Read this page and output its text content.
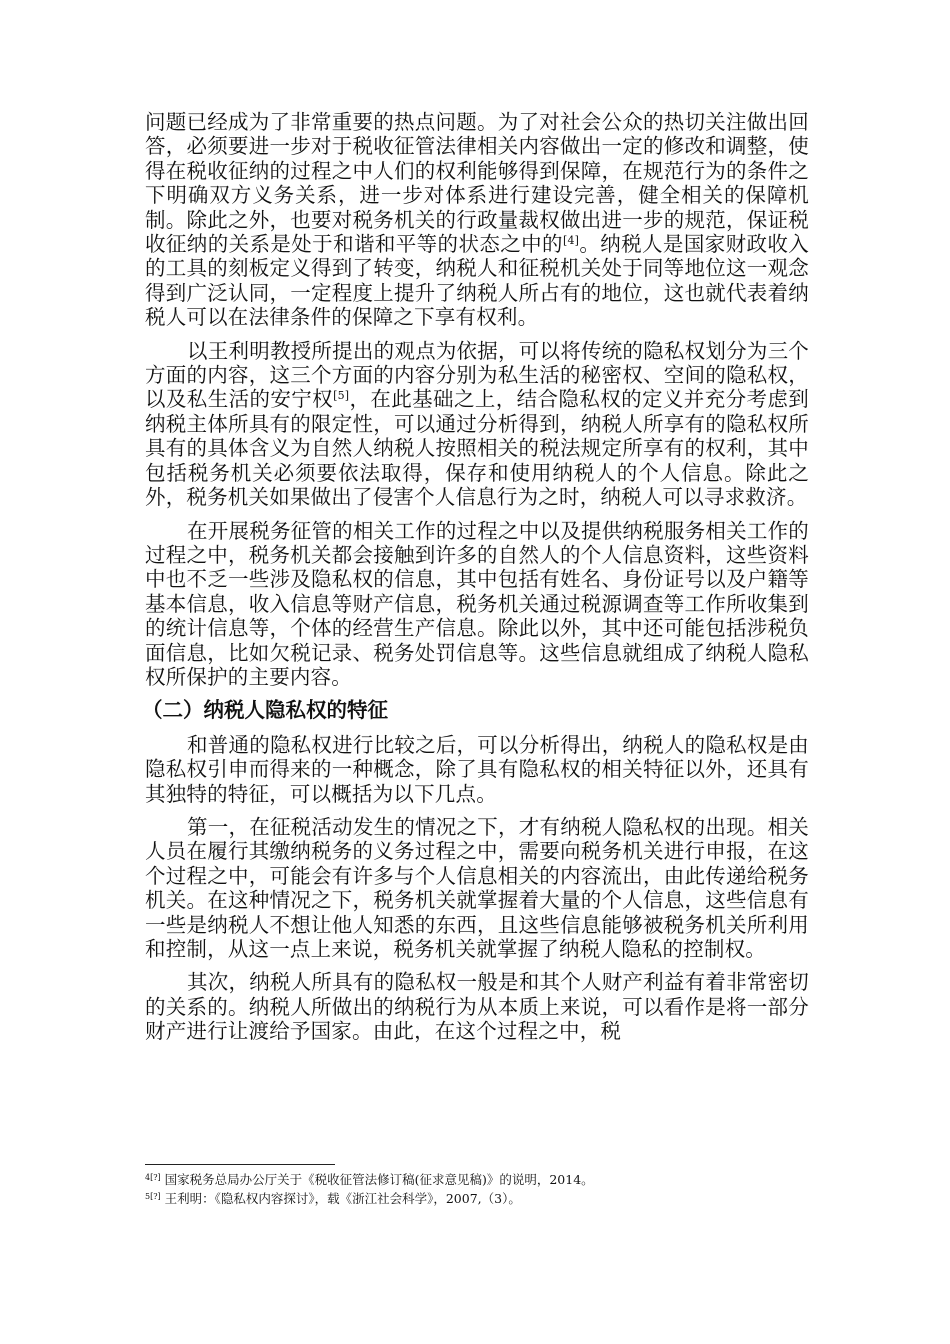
问题已经成为了非常重要的热点问题。为了对社会公众的热切关注做出回答，必须要进一步对于税收征管法律相关内容做出一定的修改和调整，使得在税收征纳的过程之中人们的权利能够得到保障，在规范行为的条件之下明确双方义务关系，进一步对体系进行建设完善，健全相关的保障机制。除此之外，也要对税务机关的行政量裁权做出进一步的规范，保证税收征纳的关系是处于和谐和平等的状态之中的[4]。纳税人是国家财政收入的工具的刻板定义得到了转变，纳税人和征税机关处于同等地位这一观念得到广泛认同，一定程度上提升了纳税人所占有的地位，这也就代表着纳税人可以在法律条件的保障之下享有权利。

以王利明教授所提出的观点为依据，可以将传统的隐私权划分为三个方面的内容，这三个方面的内容分别为私生活的秘密权、空间的隐私权，以及私生活的安宁权[5]，在此基础之上，结合隐私权的定义并充分考虑到纳税主体所具有的限定性，可以通过分析得到，纳税人所享有的隐私权所具有的具体含义为自然人纳税人按照相关的税法规定所享有的权利，其中包括税务机关必须要依法取得，保存和使用纳税人的个人信息。除此之外，税务机关如果做出了侵害个人信息行为之时，纳税人可以寻求救济。

在开展税务征管的相关工作的过程之中以及提供纳税服务相关工作的过程之中，税务机关都会接触到许多的自然人的个人信息资料，这些资料中也不乏一些涉及隐私权的信息，其中包括有姓名、身份证号以及户籍等基本信息，收入信息等财产信息，税务机关通过税源调查等工作所收集到的统计信息等，个体的经营生产信息。除此以外，其中还可能包括涉税负面信息，比如欠税记录、税务处罚信息等。这些信息就组成了纳税人隐私权所保护的主要内容。

（二）纳税人隐私权的特征

和普通的隐私权进行比较之后，可以分析得出，纳税人的隐私权是由隐私权引申而得来的一种概念，除了具有隐私权的相关特征以外，还具有其独特的特征，可以概括为以下几点。

第一，在征税活动发生的情况之下，才有纳税人隐私权的出现。相关人员在履行其缴纳税务的义务过程之中，需要向税务机关进行申报，在这个过程之中，可能会有许多与个人信息相关的内容流出，由此传递给税务机关。在这种情况之下，税务机关就掌握着大量的个人信息，这些信息有一些是纳税人不想让他人知悉的东西，且这些信息能够被税务机关所利用和控制，从这一点上来说，税务机关就掌握了纳税人隐私的控制权。

其次，纳税人所具有的隐私权一般是和其个人财产利益有着非常密切的关系的。纳税人所做出的纳税行为从本质上来说，可以看作是将一部分财产进行让渡给予国家。由此，在这个过程之中，税

$^{4[?]}$ 国家税务总局办公厅关于《税收征管法修订稿(征求意见稿)》的说明，2014。

$^{5[?]}$ 王利明：《隐私权内容探讨》，载《浙江社会科学》，2007,（3）。
